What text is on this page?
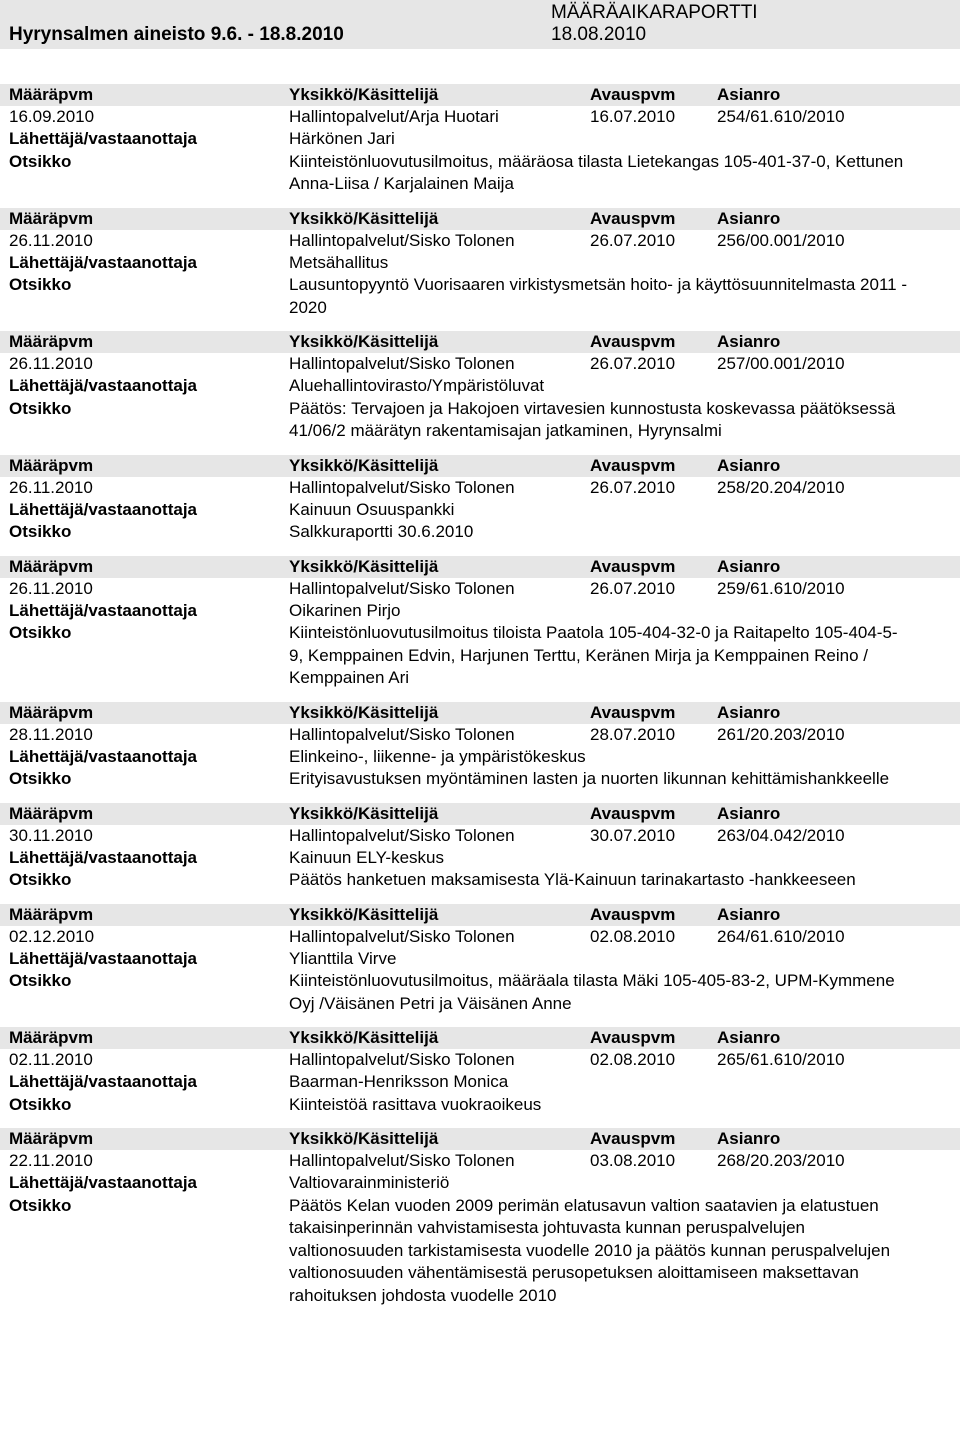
MÄÄRÄAIKARAPORTTI
Hyrynsalmen aineisto 9.6. - 18.8.2010	18.08.2010
Määräpvm	Yksikkö/Käsittelijä	Avauspvm Asianro
16.09.2010	Hallintopalvelut/Arja Huotari	16.07.2010 254/61.610/2010
Lähettäjä/vastaanottaja	Härkönen Jari
Otsikko	Kiinteistönluovutusilmoitus, määräosa tilasta Lietekangas 105-401-37-0, Kettunen Anna-Liisa / Karjalainen Maija
Määräpvm	Yksikkö/Käsittelijä	Avauspvm Asianro
26.11.2010	Hallintopalvelut/Sisko Tolonen	26.07.2010 256/00.001/2010
Lähettäjä/vastaanottaja	Metsähallitus
Otsikko	Lausuntopyyntö Vuorisaaren virkistysmetsän hoito- ja käyttösuunnitelmasta 2011 - 2020
Määräpvm	Yksikkö/Käsittelijä	Avauspvm Asianro
26.11.2010	Hallintopalvelut/Sisko Tolonen	26.07.2010 257/00.001/2010
Lähettäjä/vastaanottaja	Aluehallintovirasto/Ympäristöluvat
Otsikko	Päätös: Tervajoen ja Hakojoen virtavesien kunnostusta koskevassa päätöksessä 41/06/2 määrätyn rakentamisajan jatkaminen, Hyrynsalmi
Määräpvm	Yksikkö/Käsittelijä	Avauspvm Asianro
26.11.2010	Hallintopalvelut/Sisko Tolonen	26.07.2010 258/20.204/2010
Lähettäjä/vastaanottaja	Kainuun Osuuspankki
Otsikko	Salkkuraportti 30.6.2010
Määräpvm	Yksikkö/Käsittelijä	Avauspvm Asianro
26.11.2010	Hallintopalvelut/Sisko Tolonen	26.07.2010 259/61.610/2010
Lähettäjä/vastaanottaja	Oikarinen Pirjo
Otsikko	Kiinteistönluovutusilmoitus tiloista Paatola 105-404-32-0 ja Raitapelto 105-404-5-9, Kemppainen Edvin, Harjunen Terttu, Keränen Mirja ja Kemppainen Reino / Kemppainen Ari
Määräpvm	Yksikkö/Käsittelijä	Avauspvm Asianro
28.11.2010	Hallintopalvelut/Sisko Tolonen	28.07.2010 261/20.203/2010
Lähettäjä/vastaanottaja	Elinkeino-, liikenne- ja ympäristökeskus
Otsikko	Erityisavustuksen myöntäminen lasten ja nuorten likunnan kehittämishankkeelle
Määräpvm	Yksikkö/Käsittelijä	Avauspvm Asianro
30.11.2010	Hallintopalvelut/Sisko Tolonen	30.07.2010 263/04.042/2010
Lähettäjä/vastaanottaja	Kainuun ELY-keskus
Otsikko	Päätös hanketuen maksamisesta Ylä-Kainuun tarinakartasto -hankkeeseen
Määräpvm	Yksikkö/Käsittelijä	Avauspvm Asianro
02.12.2010	Hallintopalvelut/Sisko Tolonen	02.08.2010 264/61.610/2010
Lähettäjä/vastaanottaja	Ylianttila Virve
Otsikko	Kiinteistönluovutusilmoitus, määräala tilasta Mäki 105-405-83-2, UPM-Kymmene Oyj /Väisänen Petri ja Väisänen Anne
Määräpvm	Yksikkö/Käsittelijä	Avauspvm Asianro
02.11.2010	Hallintopalvelut/Sisko Tolonen	02.08.2010 265/61.610/2010
Lähettäjä/vastaanottaja	Baarman-Henriksson Monica
Otsikko	Kiinteistöä rasittava vuokraoikeus
Määräpvm	Yksikkö/Käsittelijä	Avauspvm Asianro
22.11.2010	Hallintopalvelut/Sisko Tolonen	03.08.2010 268/20.203/2010
Lähettäjä/vastaanottaja	Valtiovarainministeriö
Otsikko	Päätös Kelan vuoden 2009 perimän elatusavun valtion saatavien ja elatustuen takaisinperinnän vahvistamisesta johtuvasta kunnan peruspalvelujen valtionosuuden tarkistamisesta vuodelle 2010 ja päätös kunnan peruspalvelujen valtionosuuden vähentämisestä perusopetuksen aloittamiseen maksettavan rahoituksen johdosta vuodelle 2010
